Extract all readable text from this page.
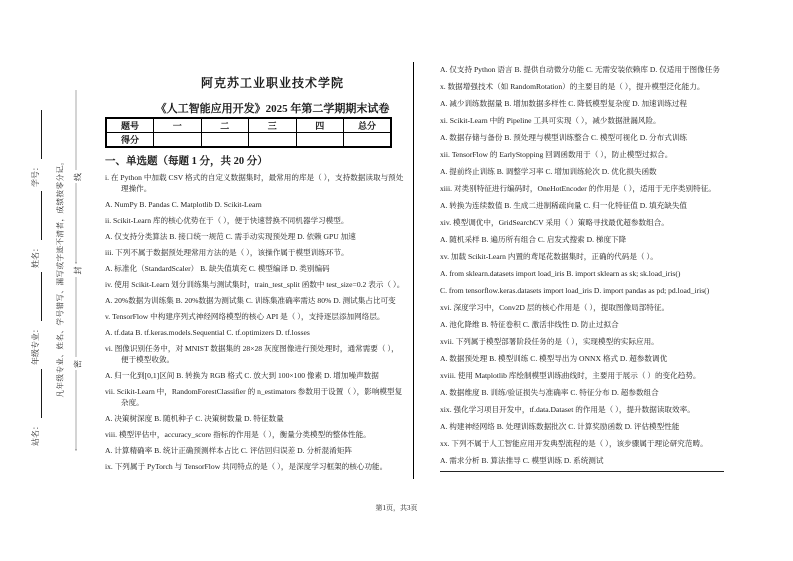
站名：
年级专业：
姓名：
学号： 凡年级专业、姓名、学号错写、漏写或字迹不清者，成绩按零分记。 密
封
线
阿克苏工业职业技术学院
《人工智能应用开发》2025 年第二学期期末试卷
题号	一	二	三	四	总分
得分					
一、单选题（每题 1 分，共 20 分）
i. 在 Python 中加载 CSV 格式的自定义数据集时，最常用的库是（ ），支持数据读取与预处理操作。
A. NumPy B. Pandas C. Matplotlib D. Scikit-Learn
ii. Scikit-Learn 库的核心优势在于（ ），便于快速替换不同机器学习模型。
A. 仅支持分类算法 B. 接口统一规范 C. 需手动实现预处理 D. 依赖 GPU 加速
iii. 下列不属于数据预处理常用方法的是（ ），该操作属于模型训练环节。
A. 标准化（StandardScaler） B. 缺失值填充 C. 模型编译 D. 类别编码
iv. 使用 Scikit-Learn 划分训练集与测试集时，train_test_split 函数中 test_size=0.2 表示（ ）。
A. 20%数据为训练集 B. 20%数据为测试集 C. 训练集准确率需达 80% D. 测试集占比可变
v. TensorFlow 中构建序列式神经网络模型的核心 API 是（ ），支持逐层添加网络层。
A. tf.data B. tf.keras.models.Sequential C. tf.optimizers D. tf.losses
vi. 图像识别任务中，对 MNIST 数据集的 28×28 灰度图像进行预处理时，通常需要（ ），便于模型收敛。
A. 归一化到[0,1]区间 B. 转换为 RGB 格式 C. 放大到 100×100 像素 D. 增加噪声数据
vii. Scikit-Learn 中，RandomForestClassifier 的 n_estimators 参数用于设置（ ），影响模型复杂度。
A. 决策树深度 B. 随机种子 C. 决策树数量 D. 特征数量
viii. 模型评估中，accuracy_score 指标的作用是（ ），衡量分类模型的整体性能。
A. 计算精确率 B. 统计正确预测样本占比 C. 评估回归误差 D. 分析混淆矩阵
ix. 下列属于 PyTorch 与 TensorFlow 共同特点的是（ ），是深度学习框架的核心功能。
A. 仅支持 Python 语言 B. 提供自动微分功能 C. 无需安装依赖库 D. 仅适用于图像任务
x. 数据增强技术（如 RandomRotation）的主要目的是（ ），提升模型泛化能力。
A. 减少训练数据量 B. 增加数据多样性 C. 降低模型复杂度 D. 加速训练过程
xi. Scikit-Learn 中的 Pipeline 工具可实现（ ），减少数据泄漏风险。
A. 数据存储与备份 B. 预处理与模型训练整合 C. 模型可视化 D. 分布式训练
xii. TensorFlow 的 EarlyStopping 回调函数用于（ ），防止模型过拟合。
A. 提前终止训练 B. 调整学习率 C. 增加训练轮次 D. 优化损失函数
xiii. 对类别特征进行编码时，OneHotEncoder 的作用是（ ），适用于无序类别特征。
A. 转换为连续数值 B. 生成二进制稀疏向量 C. 归一化特征值 D. 填充缺失值
xiv. 模型调优中，GridSearchCV 采用（ ）策略寻找最优超参数组合。
A. 随机采样 B. 遍历所有组合 C. 启发式搜索 D. 梯度下降
xv. 加载 Scikit-Learn 内置的鸢尾花数据集时，正确的代码是（ ）。
A. from sklearn.datasets import load_iris B. import sklearn as sk; sk.load_iris()
C. from tensorflow.keras.datasets import load_iris D. import pandas as pd; pd.load_iris()
xvi. 深度学习中，Conv2D 层的核心作用是（ ），提取图像局部特征。
A. 池化降维 B. 特征卷积 C. 激活非线性 D. 防止过拟合
xvii. 下列属于模型部署阶段任务的是（ ），实现模型的实际应用。
A. 数据预处理 B. 模型训练 C. 模型导出为 ONNX 格式 D. 超参数调优
xviii. 使用 Matplotlib 库绘制模型训练曲线时，主要用于展示（ ）的变化趋势。
A. 数据维度 B. 训练/验证损失与准确率 C. 特征分布 D. 超参数组合
xix. 强化学习项目开发中，tf.data.Dataset 的作用是（ ），提升数据读取效率。
A. 构建神经网络 B. 处理训练数据批次 C. 计算奖励函数 D. 评估模型性能
xx. 下列不属于人工智能应用开发典型流程的是（ ），该步骤属于理论研究范畴。
A. 需求分析 B. 算法推导 C. 模型训练 D. 系统测试
第1页，共3页
